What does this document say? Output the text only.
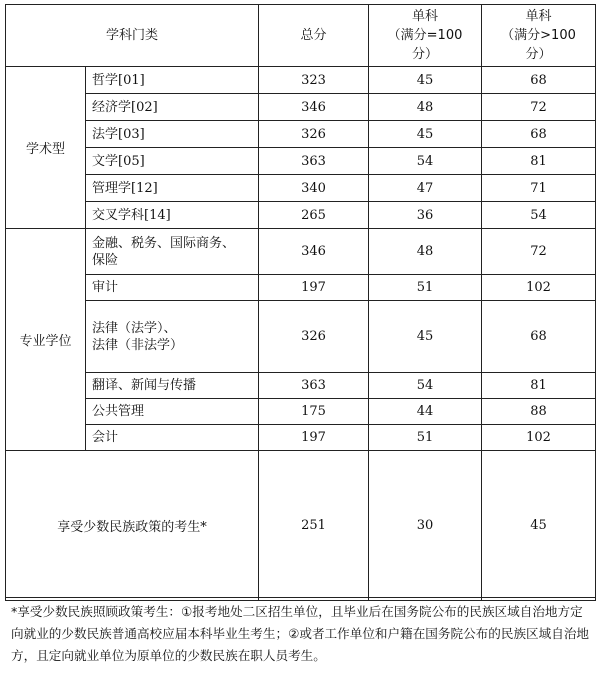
学科门类		总分	单科
（满分=100
分）	单科
（满分>100
分）
学术型	哲学[01]	323	45	68
	经济学[02]	346	48	72
	法学[03]	326	45	68
	文学[05]	363	54	81
	管理学[12]	340	47	71
	交叉学科[14]	265	36	54
专业学位	金融、税务、国际商务、
保险	346	48	72
	审计	197	51	102
	法律（法学）、
法律（非法学）	326	45	68
	翻译、新闻与传播	363	54	81
	公共管理	175	44	88
	会计	197	51	102
享受少数民族政策的考生*		251	30	45
*享受少数民族照顾政策考生：①报考地处二区招生单位，且毕业后在国务院公布的民族区域自治地方定向就业的少数民族普通高校应届本科毕业生考生；②或者工作单位和户籍在国务院公布的民族区域自治地方，且定向就业单位为原单位的少数民族在职人员考生。
